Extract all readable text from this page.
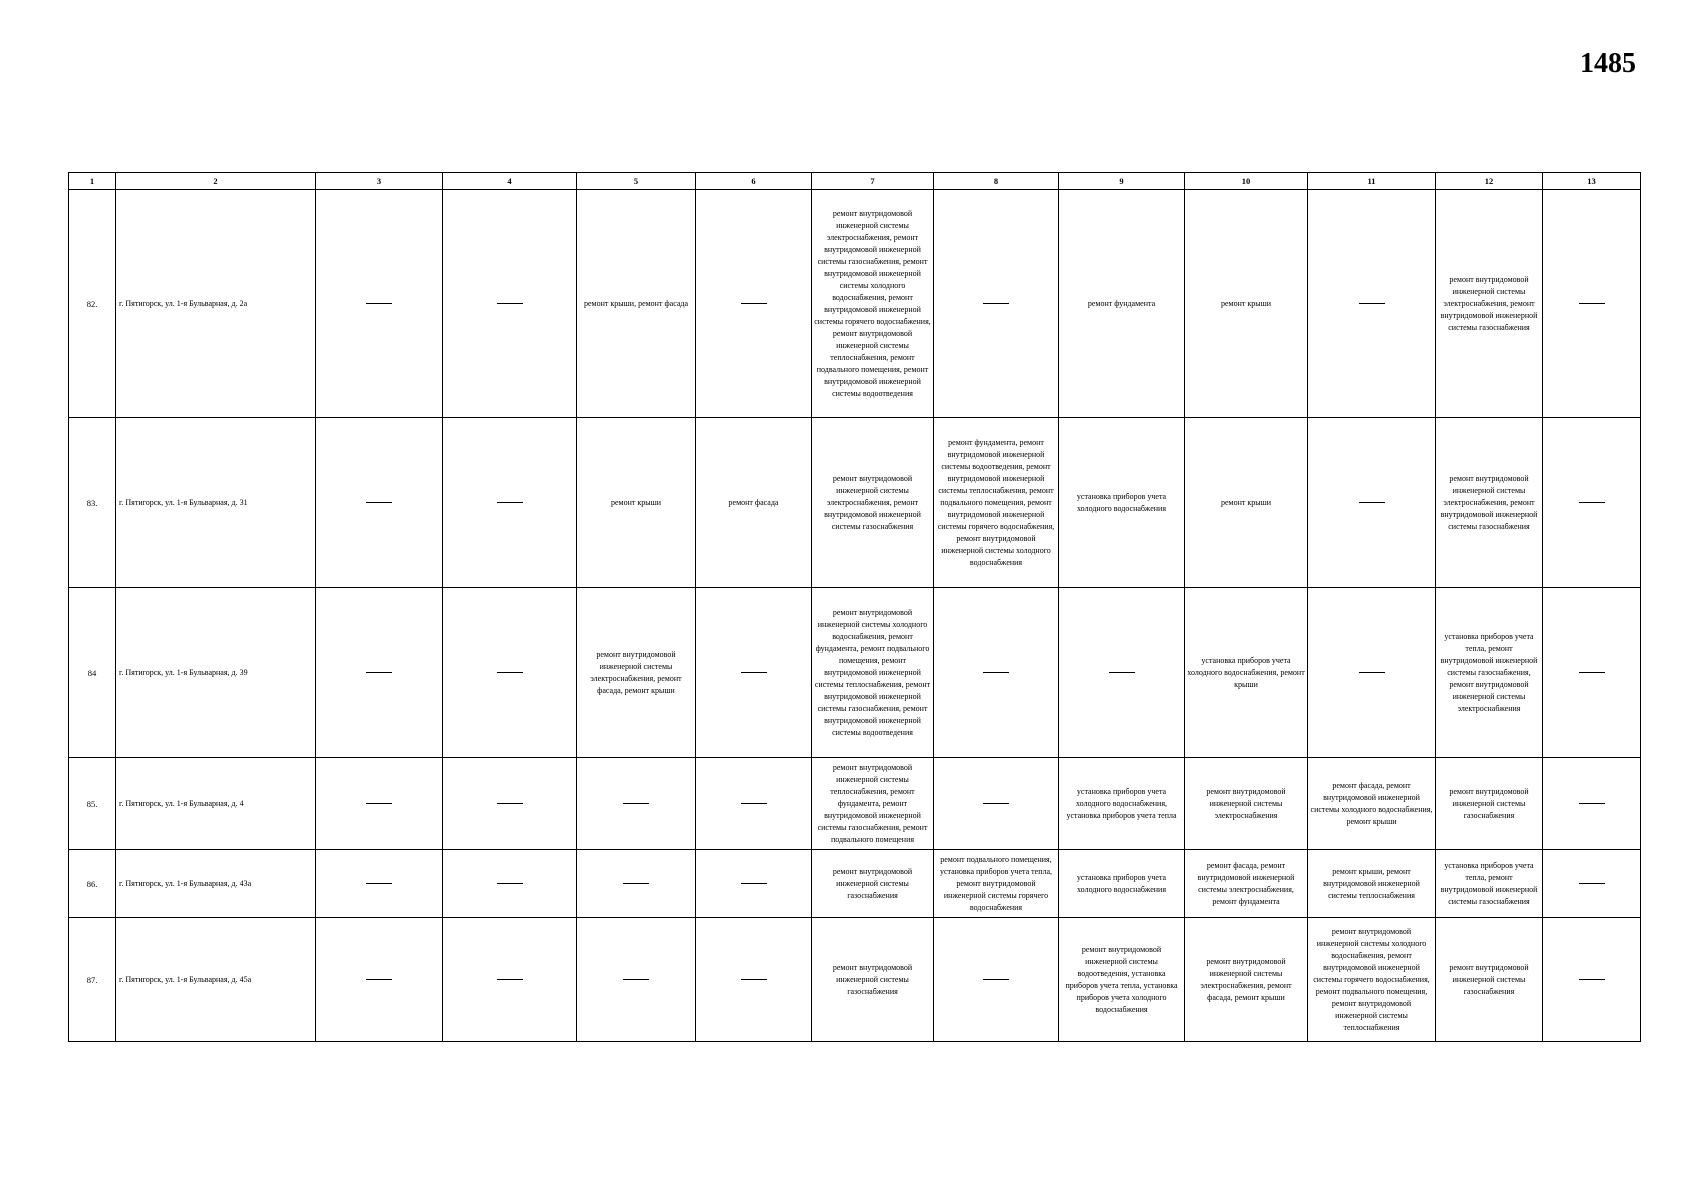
1485
1	2	3	4	5	6	7	8	9	10	11	12	13
82.	г. Пятигорск, ул. 1-я Бульварная, д. 2а			ремонт крыши, ремонт фасада		ремонт внутридомовой инженерной системы электроснабжения, ремонт внутридомовой инженерной системы газоснабжения, ремонт внутридомовой инженерной системы холодного водоснабжения, ремонт внутридомовой инженерной системы горячего водоснабжения, ремонт внутридомовой инженерной системы теплоснабжения, ремонт подвального помещения, ремонт внутридомовой инженерной системы водоотведения		ремонт фундамента	ремонт крыши		ремонт внутридомовой инженерной системы электроснабжения, ремонт внутридомовой инженерной системы газоснабжения	
83.	г. Пятигорск, ул. 1-я Бульварная, д. 31			ремонт крыши	ремонт фасада	ремонт внутридомовой инженерной системы электроснабжения, ремонт внутридомовой инженерной системы газоснабжения	ремонт фундамента, ремонт внутридомовой инженерной системы водоотведения, ремонт внутридомовой инженерной системы теплоснабжения, ремонт подвального помещения, ремонт внутридомовой инженерной системы горячего водоснабжения, ремонт внутридомовой инженерной системы холодного водоснабжения	установка приборов учета холодного водоснабжения	ремонт крыши		ремонт внутридомовой инженерной системы электроснабжения, ремонт внутридомовой инженерной системы газоснабжения	
84	г. Пятигорск, ул. 1-я Бульварная, д. 39			ремонт внутридомовой инженерной системы электроснабжения, ремонт фасада, ремонт крыши		ремонт внутридомовой инженерной системы холодного водоснабжения, ремонт фундамента, ремонт подвального помещения, ремонт внутридомовой инженерной системы теплоснабжения, ремонт внутридомовой инженерной системы газоснабжения, ремонт внутридомовой инженерной системы водоотведения			установка приборов учета холодного водоснабжения, ремонт крыши		установка приборов учета тепла, ремонт внутридомовой инженерной системы газоснабжения, ремонт внутридомовой инженерной системы электроснабжения	
85.	г. Пятигорск, ул. 1-я Бульварная, д. 4					ремонт внутридомовой инженерной системы теплоснабжения, ремонт фундамента, ремонт внутридомовой инженерной системы газоснабжения, ремонт подвального помещения		установка приборов учета холодного водоснабжения, установка приборов учета тепла	ремонт внутридомовой инженерной системы электроснабжения	ремонт фасада, ремонт внутридомовой инженерной системы холодного водоснабжения, ремонт крыши	ремонт внутридомовой инженерной системы газоснабжения	
86.	г. Пятигорск, ул. 1-я Бульварная, д. 43а					ремонт внутридомовой инженерной системы газоснабжения	ремонт подвального помещения, установка приборов учета тепла, ремонт внутридомовой инженерной системы горячего водоснабжения	установка приборов учета холодного водоснабжения	ремонт фасада, ремонт внутридомовой инженерной системы электроснабжения, ремонт фундамента	ремонт крыши, ремонт внутридомовой инженерной системы теплоснабжения	установка приборов учета тепла, ремонт внутридомовой инженерной системы газоснабжения	
87.	г. Пятигорск, ул. 1-я Бульварная, д. 45а					ремонт внутридомовой инженерной системы газоснабжения		ремонт внутридомовой инженерной системы водоотведения, установка приборов учета тепла, установка приборов учета холодного водоснабжения	ремонт внутридомовой инженерной системы электроснабжения, ремонт фасада, ремонт крыши	ремонт внутридомовой инженерной системы холодного водоснабжения, ремонт внутридомовой инженерной системы горячего водоснабжения, ремонт подвального помещения, ремонт внутридомовой инженерной системы теплоснабжения	ремонт внутридомовой инженерной системы газоснабжения	
